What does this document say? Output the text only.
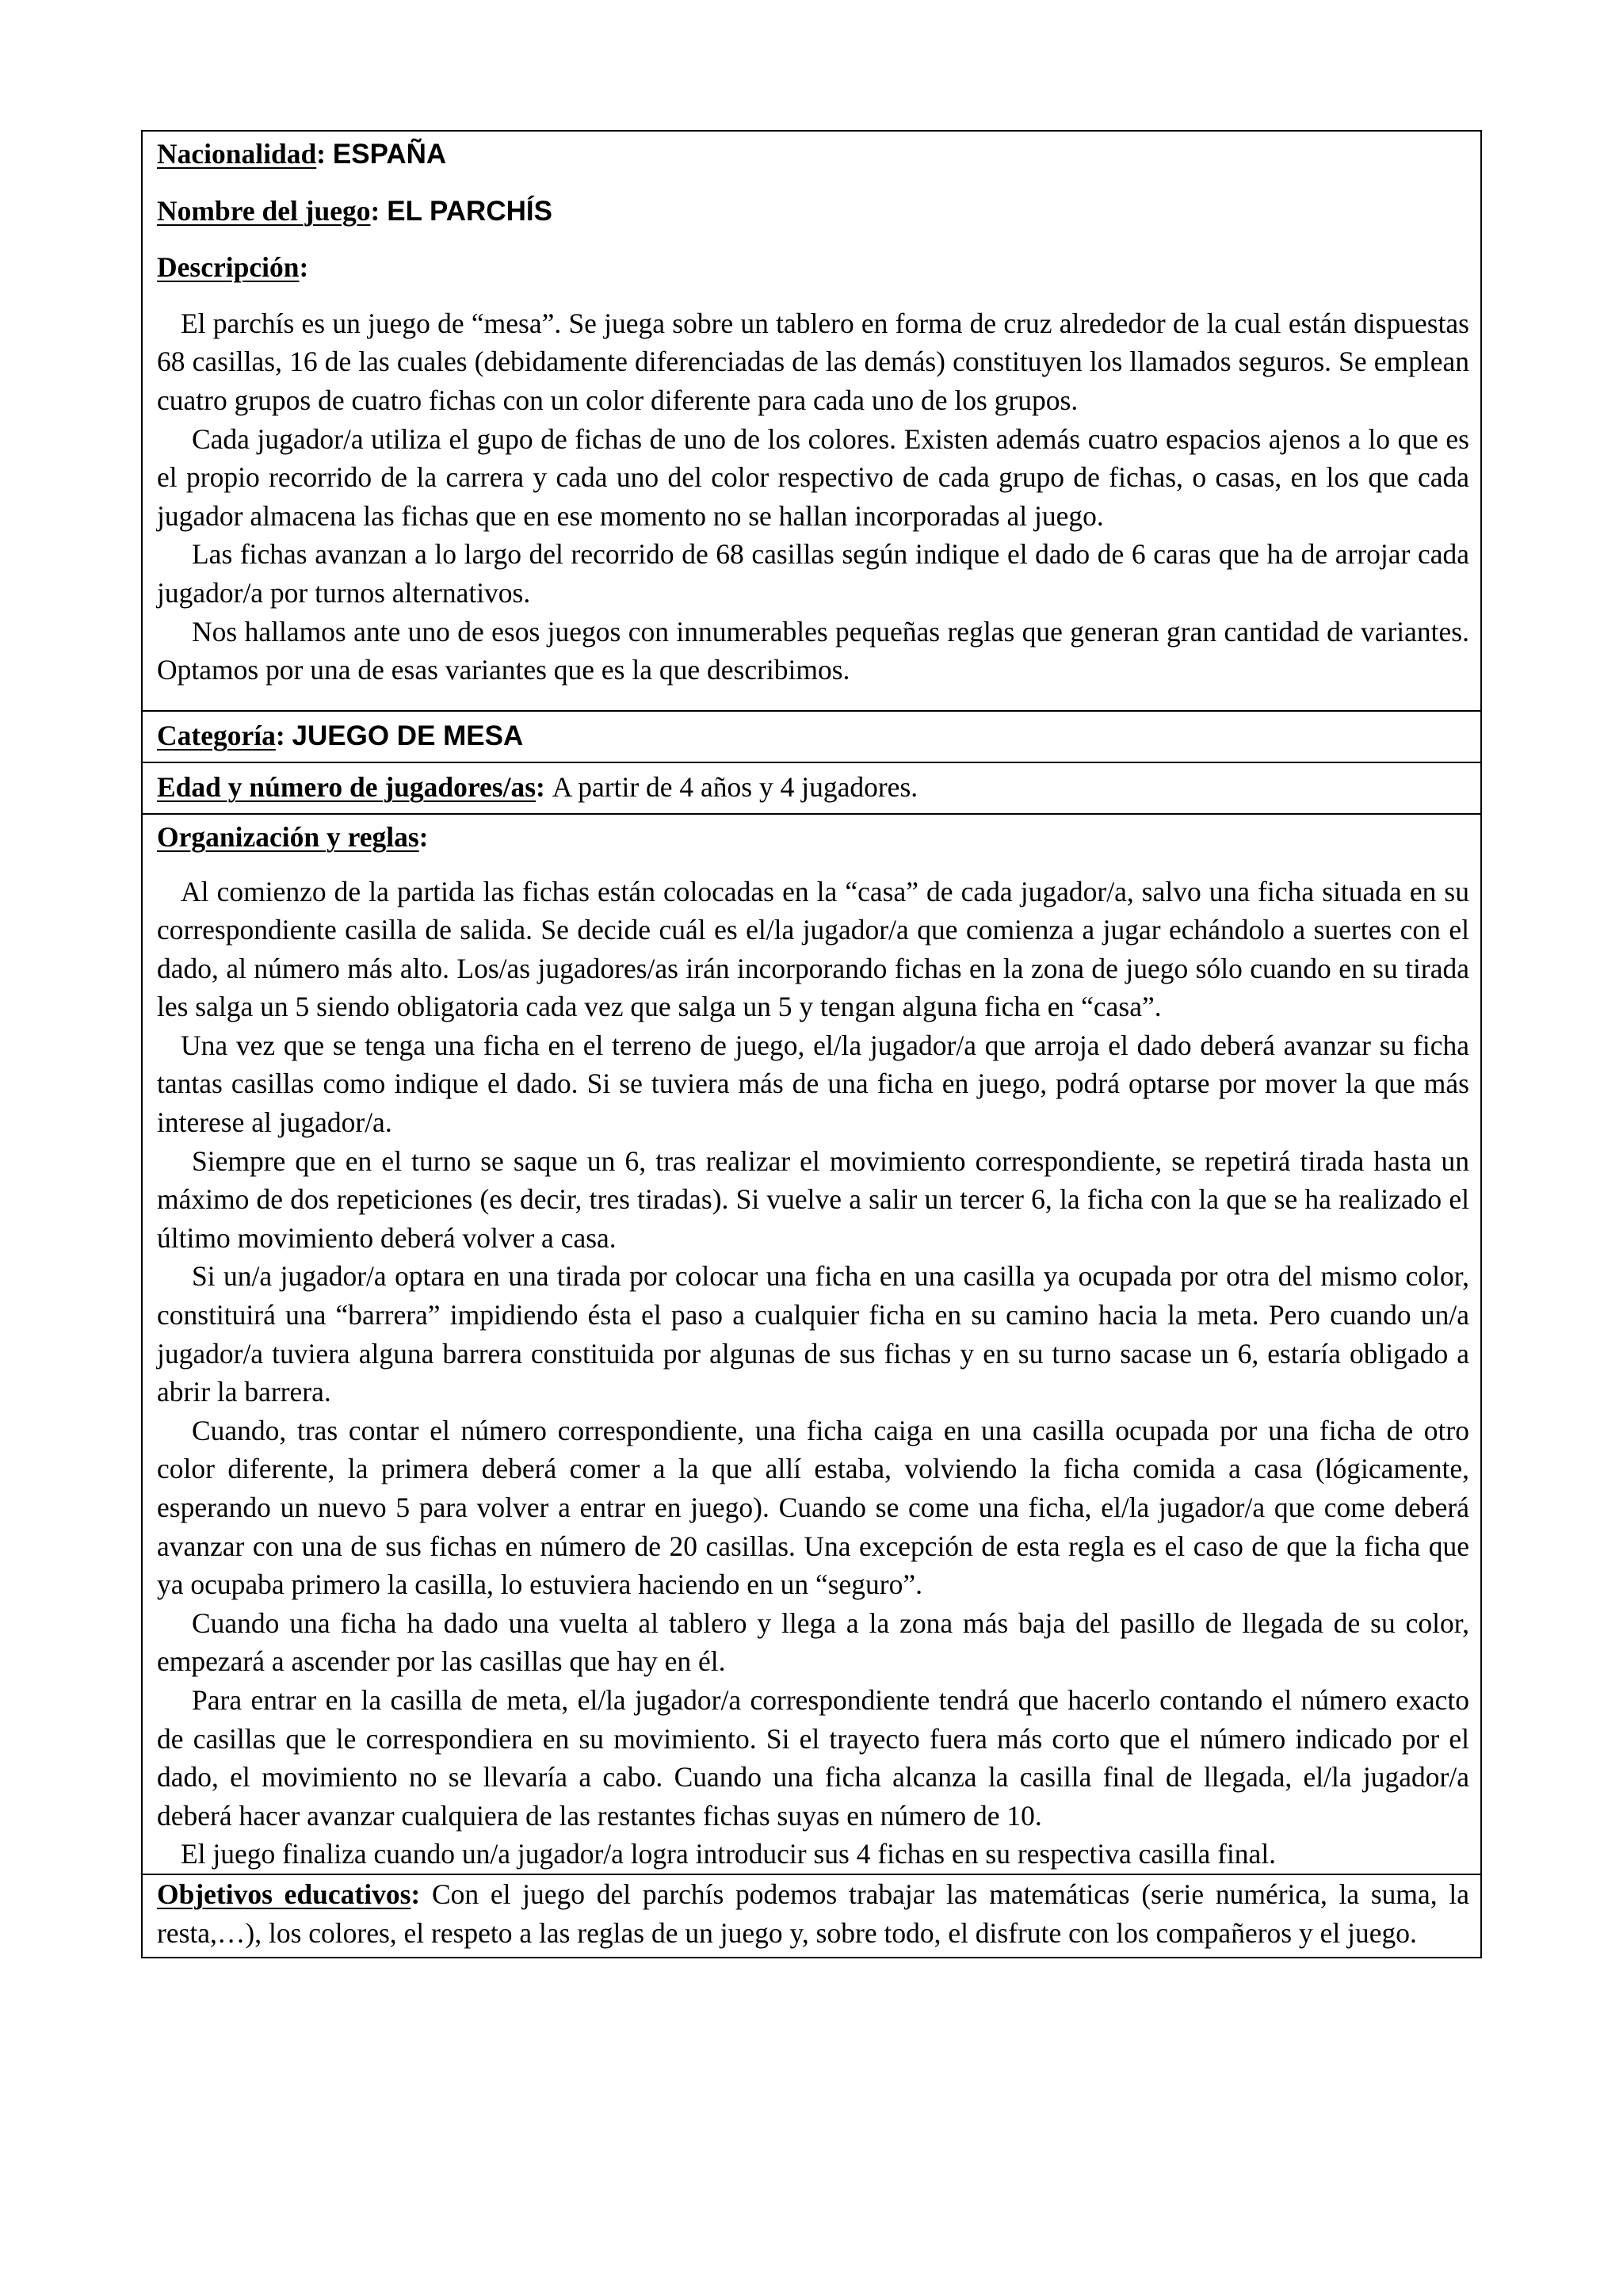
Nacionalidad: ESPAÑA
Nombre del juego: EL PARCHÍS
Descripción:

El parchís es un juego de “mesa”. Se juega sobre un tablero en forma de cruz alrededor de la cual están dispuestas 68 casillas, 16 de las cuales (debidamente diferenciadas de las demás) constituyen los llamados seguros. Se emplean cuatro grupos de cuatro fichas con un color diferente para cada uno de los grupos.

Cada jugador/a utiliza el gupo de fichas de uno de los colores. Existen además cuatro espacios ajenos a lo que es el propio recorrido de la carrera y cada uno del color respectivo de cada grupo de fichas, o casas, en los que cada jugador almacena las fichas que en ese momento no se hallan incorporadas al juego.

Las fichas avanzan a lo largo del recorrido de 68 casillas según indique el dado de 6 caras que ha de arrojar cada jugador/a por turnos alternativos.

Nos hallamos ante uno de esos juegos con innumerables pequeñas reglas que generan gran cantidad de variantes. Optamos por una de esas variantes que es la que describimos.

Categoría: JUEGO DE MESA
Edad y número de jugadores/as: A partir de 4 años y 4 jugadores.
Organización y reglas:

Al comienzo de la partida las fichas están colocadas en la “casa” de cada jugador/a, salvo una ficha situada en su correspondiente casilla de salida. Se decide cuál es el/la jugador/a que comienza a jugar echándolo a suertes con el dado, al número más alto. Los/as jugadores/as irán incorporando fichas en la zona de juego sólo cuando en su tirada les salga un 5 siendo obligatoria cada vez que salga un 5 y tengan alguna ficha en “casa”.

Una vez que se tenga una ficha en el terreno de juego, el/la jugador/a que arroja el dado deberá avanzar su ficha tantas casillas como indique el dado. Si se tuviera más de una ficha en juego, podrá optarse por mover la que más interese al jugador/a.

Siempre que en el turno se saque un 6, tras realizar el movimiento correspondiente, se repetirá tirada hasta un máximo de dos repeticiones (es decir, tres tiradas). Si vuelve a salir un tercer 6, la ficha con la que se ha realizado el último movimiento deberá volver a casa.

Si un/a jugador/a optara en una tirada por colocar una ficha en una casilla ya ocupada por otra del mismo color, constituirá una “barrera” impidiendo ésta el paso a cualquier ficha en su camino hacia la meta. Pero cuando un/a jugador/a tuviera alguna barrera constituida por algunas de sus fichas y en su turno sacase un 6, estaría obligado a abrir la barrera.

Cuando, tras contar el número correspondiente, una ficha caiga en una casilla ocupada por una ficha de otro color diferente, la primera deberá comer a la que allí estaba, volviendo la ficha comida a casa (lógicamente, esperando un nuevo 5 para volver a entrar en juego). Cuando se come una ficha, el/la jugador/a que come deberá avanzar con una de sus fichas en número de 20 casillas. Una excepción de esta regla es el caso de que la ficha que ya ocupaba primero la casilla, lo estuviera haciendo en un “seguro”.

Cuando una ficha ha dado una vuelta al tablero y llega a la zona más baja del pasillo de llegada de su color, empezará a ascender por las casillas que hay en él.

Para entrar en la casilla de meta, el/la jugador/a correspondiente tendrá que hacerlo contando el número exacto de casillas que le correspondiera en su movimiento. Si el trayecto fuera más corto que el número indicado por el dado, el movimiento no se llevaría a cabo. Cuando una ficha alcanza la casilla final de llegada, el/la jugador/a deberá hacer avanzar cualquiera de las restantes fichas suyas en número de 10.

El juego finaliza cuando un/a jugador/a logra introducir sus 4 fichas en su respectiva casilla final.

Objetivos educativos: Con el juego del parchís podemos trabajar las matemáticas (serie numérica, la suma, la resta,…), los colores, el respeto a las reglas de un juego y, sobre todo, el disfrute con los compañeros y el juego.
